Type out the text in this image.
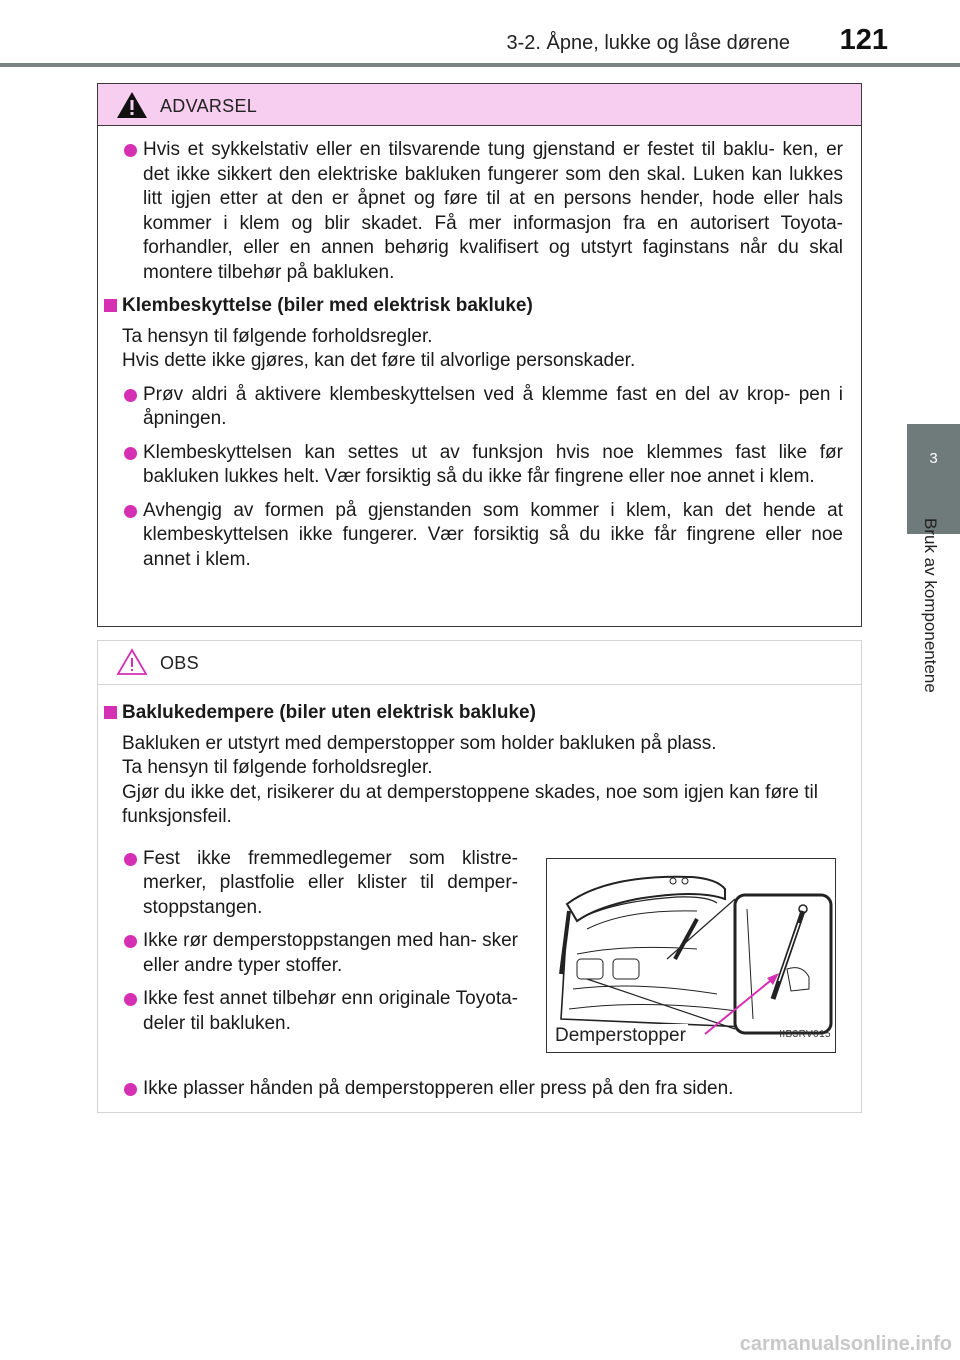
3-2. Åpne, lukke og låse dørene 121
3
Bruk av komponentene
ADVARSEL
Hvis et sykkelstativ eller en tilsvarende tung gjenstand er festet til baklu- ken, er det ikke sikkert den elektriske bakluken fungerer som den skal. Luken kan lukkes litt igjen etter at den er åpnet og føre til at en persons hender, hode eller hals kommer i klem og blir skadet. Få mer informasjon fra en autorisert Toyota-forhandler, eller en annen behørig kvalifisert og utstyrt faginstans når du skal montere tilbehør på bakluken.
Klembeskyttelse (biler med elektrisk bakluke)
Ta hensyn til følgende forholdsregler.
Hvis dette ikke gjøres, kan det føre til alvorlige personskader.
Prøv aldri å aktivere klembeskyttelsen ved å klemme fast en del av krop- pen i åpningen.
Klembeskyttelsen kan settes ut av funksjon hvis noe klemmes fast like før bakluken lukkes helt. Vær forsiktig så du ikke får fingrene eller noe annet i klem.
Avhengig av formen på gjenstanden som kommer i klem, kan det hende at klembeskyttelsen ikke fungerer. Vær forsiktig så du ikke får fingrene eller noe annet i klem.
OBS
Baklukedempere (biler uten elektrisk bakluke)
Bakluken er utstyrt med demperstopper som holder bakluken på plass.
Ta hensyn til følgende forholdsregler.
Gjør du ikke det, risikerer du at demperstoppene skades, noe som igjen kan føre til funksjonsfeil.
Fest ikke fremmedlegemer som klistre- merker, plastfolie eller klister til demper- stoppstangen.
Ikke rør demperstoppstangen med han- sker eller andre typer stoffer.
Ikke fest annet tilbehør enn originale Toyota-deler til bakluken.
Demperstopper	IIB3RV015
Ikke plasser hånden på demperstopperen eller press på den fra siden.
carmanualsonline.info
